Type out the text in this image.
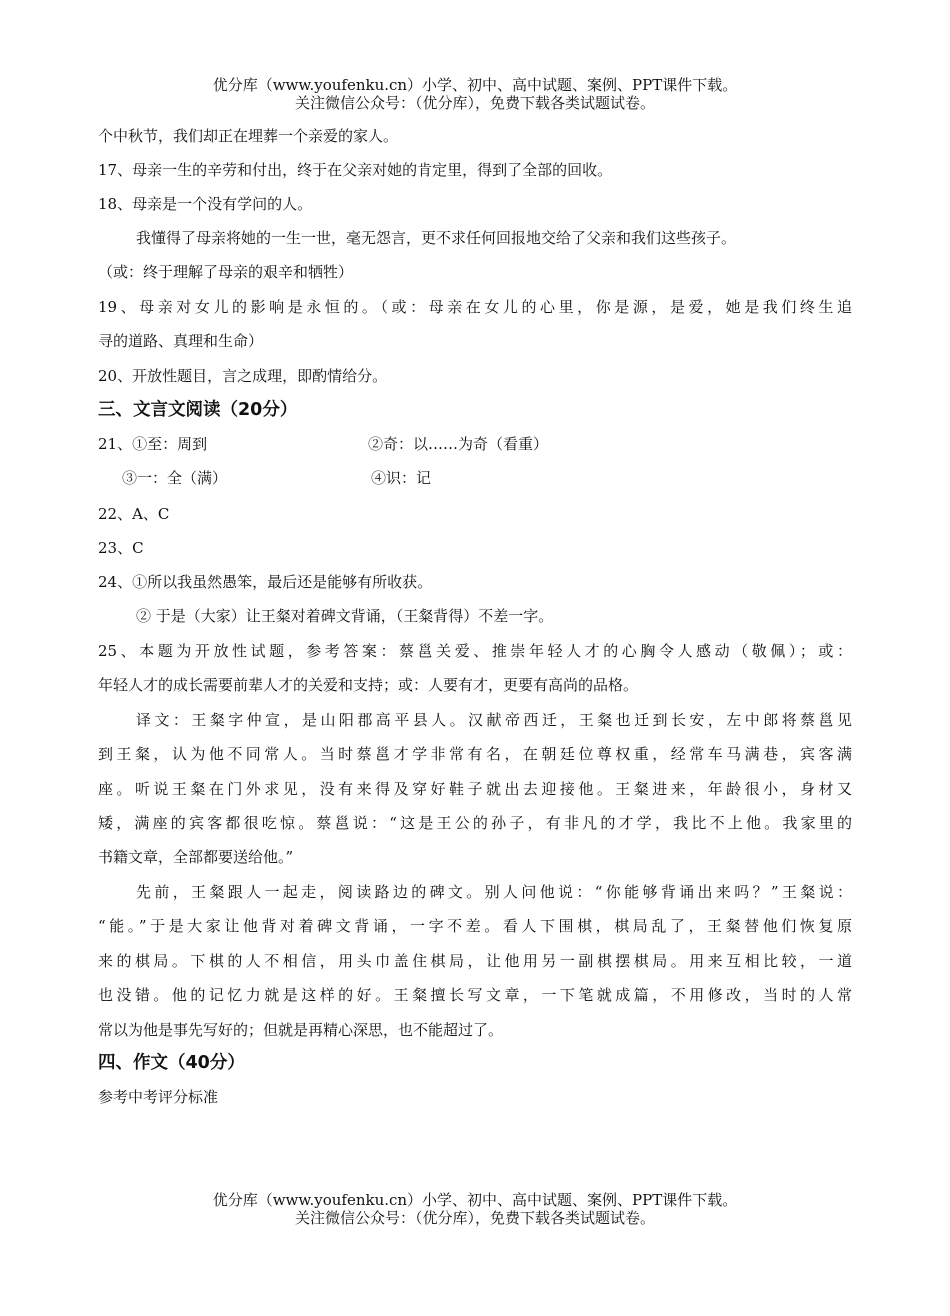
优分库（www.youfenku.cn）小学、初中、高中试题、案例、PPT课件下载。
关注微信公众号：（优分库），免费下载各类试题试卷。
个中秋节，我们却正在埋葬一个亲爱的家人。
17、母亲一生的辛劳和付出，终于在父亲对她的肯定里，得到了全部的回收。
18、母亲是一个没有学问的人。
我懂得了母亲将她的一生一世，毫无怨言，更不求任何回报地交给了父亲和我们这些孩子。
（或：终于理解了母亲的艰辛和牺牲）
19、母亲对女儿的影响是永恒的。（或：母亲在女儿的心里，你是源，是爱，她是我们终生追
寻的道路、真理和生命）
20、开放性题目，言之成理，即酌情给分。
三、文言文阅读（20分）
21、①至：周到	②奇：以……为奇（看重）
③一：全（满）	④识：记
22、A、C
23、C
24、①所以我虽然愚笨，最后还是能够有所收获。
② 于是（大家）让王粲对着碑文背诵，（王粲背得）不差一字。
25、本题为开放性试题，参考答案：蔡邕关爱、推崇年轻人才的心胸令人感动（敬佩）；或：
年轻人才的成长需要前辈人才的关爱和支持；或：人要有才，更要有高尚的品格。
译文：王粲字仲宣，是山阳郡高平县人。汉献帝西迁，王粲也迁到长安，左中郎将蔡邕见
到王粲，认为他不同常人。当时蔡邕才学非常有名，在朝廷位尊权重，经常车马满巷，宾客满
座。听说王粲在门外求见，没有来得及穿好鞋子就出去迎接他。王粲进来，年龄很小，身材又
矮，满座的宾客都很吃惊。蔡邕说：“这是王公的孙子，有非凡的才学，我比不上他。我家里的
书籍文章，全部都要送给他。”
先前，王粲跟人一起走，阅读路边的碑文。别人问他说：“你能够背诵出来吗？”王粲说：
“能。”于是大家让他背对着碑文背诵，一字不差。看人下围棋，棋局乱了，王粲替他们恢复原
来的棋局。下棋的人不相信，用头巾盖住棋局，让他用另一副棋摆棋局。用来互相比较，一道
也没错。他的记忆力就是这样的好。王粲擅长写文章，一下笔就成篇，不用修改，当时的人常
常以为他是事先写好的；但就是再精心深思，也不能超过了。
四、作文（40分）
参考中考评分标准
优分库（www.youfenku.cn）小学、初中、高中试题、案例、PPT课件下载。
关注微信公众号：（优分库），免费下载各类试题试卷。
